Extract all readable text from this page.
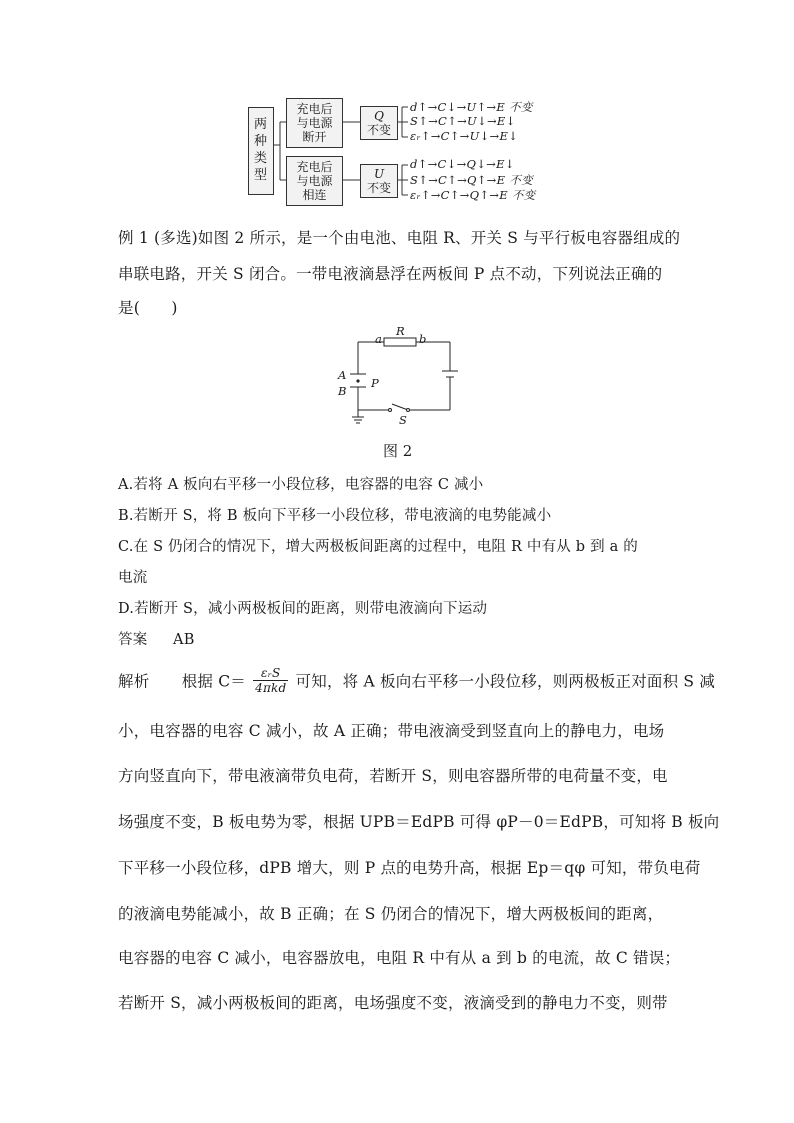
两
种
类
型
充电后
与电源
断开
充电后
与电源
相连
Q
不变
U
不变
d↑→C↓→U↑→E 不变
S↑→C↑→U↓→E↓
εᵣ↑→C↑→U↓→E↓
d↑→C↓→Q↓→E↓
S↑→C↑→Q↑→E 不变
εᵣ↑→C↑→Q↑→E 不变
例 1 (多选)如图 2 所示，是一个由电池、电阻 R、开关 S 与平行板电容器组成的
串联电路，开关 S 闭合。一带电液滴悬浮在两板间 P 点不动，下列说法正确的
是(　　)
a
R
b
A
B
P
S
图 2
A.若将 A 板向右平移一小段位移，电容器的电容 C 减小
B.若断开 S，将 B 板向下平移一小段位移，带电液滴的电势能减小
C.在 S 仍闭合的情况下，增大两极板间距离的过程中，电阻 R 中有从 b 到 a 的
电流
D.若断开 S，减小两极板间的距离，则带电液滴向下运动
答案 AB
解析 根据 C＝	εᵣS
4πkd 可知，将 A 板向右平移一小段位移，则两极板正对面积 S 减
小，电容器的电容 C 减小，故 A 正确；带电液滴受到竖直向上的静电力，电场
方向竖直向下，带电液滴带负电荷，若断开 S，则电容器所带的电荷量不变，电
场强度不变，B 板电势为零，根据 UPB＝EdPB 可得 φP－0＝EdPB，可知将 B 板向
下平移一小段位移，dPB 增大，则 P 点的电势升高，根据 Ep＝qφ 可知，带负电荷
的液滴电势能减小，故 B 正确；在 S 仍闭合的情况下，增大两极板间的距离，
电容器的电容 C 减小，电容器放电，电阻 R 中有从 a 到 b 的电流，故 C 错误；
若断开 S，减小两极板间的距离，电场强度不变，液滴受到的静电力不变，则带
